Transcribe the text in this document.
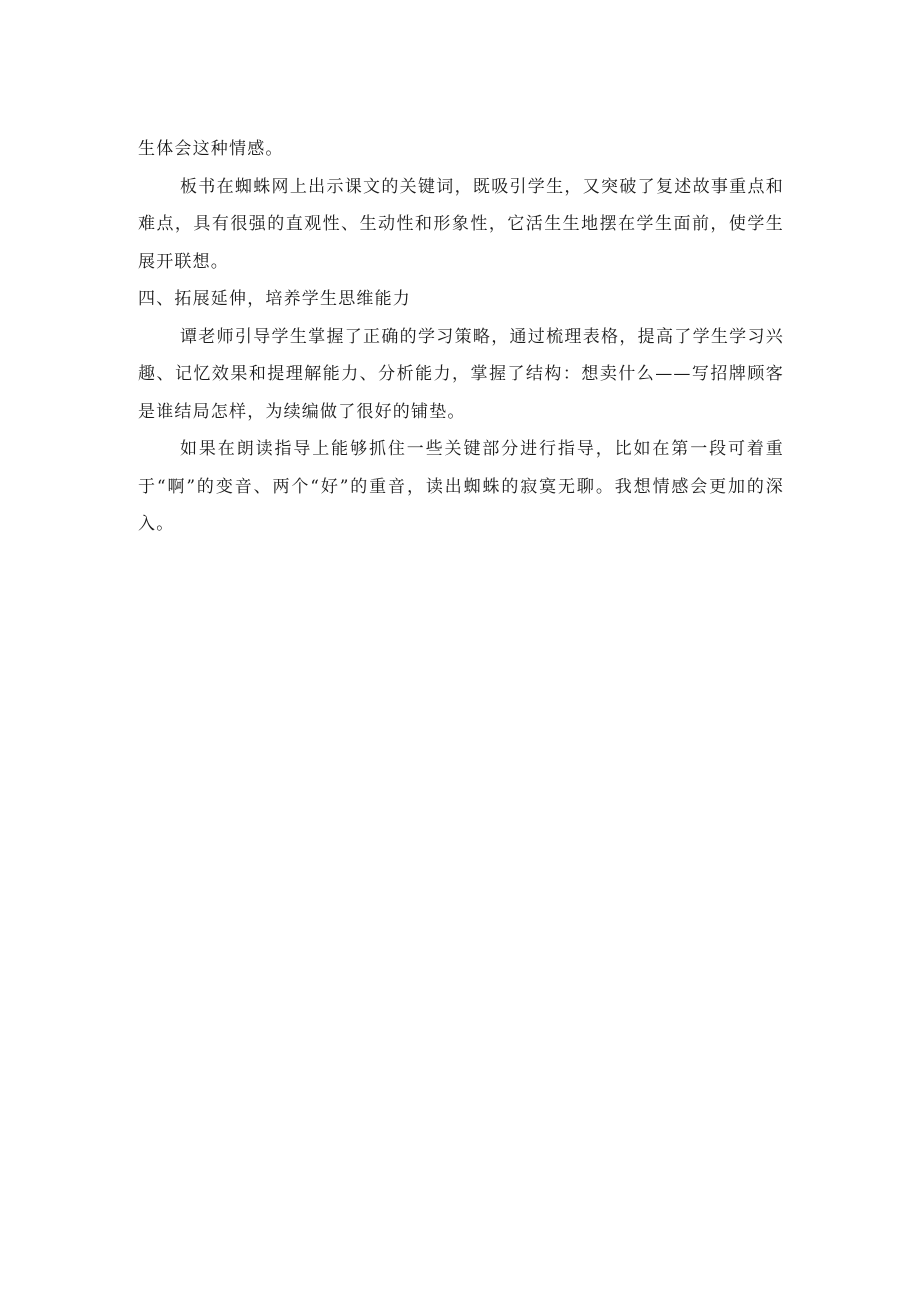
生体会这种情感。

板书在蜘蛛网上出示课文的关键词，既吸引学生，又突破了复述故事重点和难点，具有很强的直观性、生动性和形象性，它活生生地摆在学生面前，使学生展开联想。

四、拓展延伸，培养学生思维能力

谭老师引导学生掌握了正确的学习策略，通过梳理表格，提高了学生学习兴趣、记忆效果和提理解能力、分析能力，掌握了结构：想卖什么——写招牌顾客是谁结局怎样，为续编做了很好的铺垫。

如果在朗读指导上能够抓住一些关键部分进行指导，比如在第一段可着重于“啊”的变音、两个“好”的重音，读出蜘蛛的寂寞无聊。我想情感会更加的深入。
